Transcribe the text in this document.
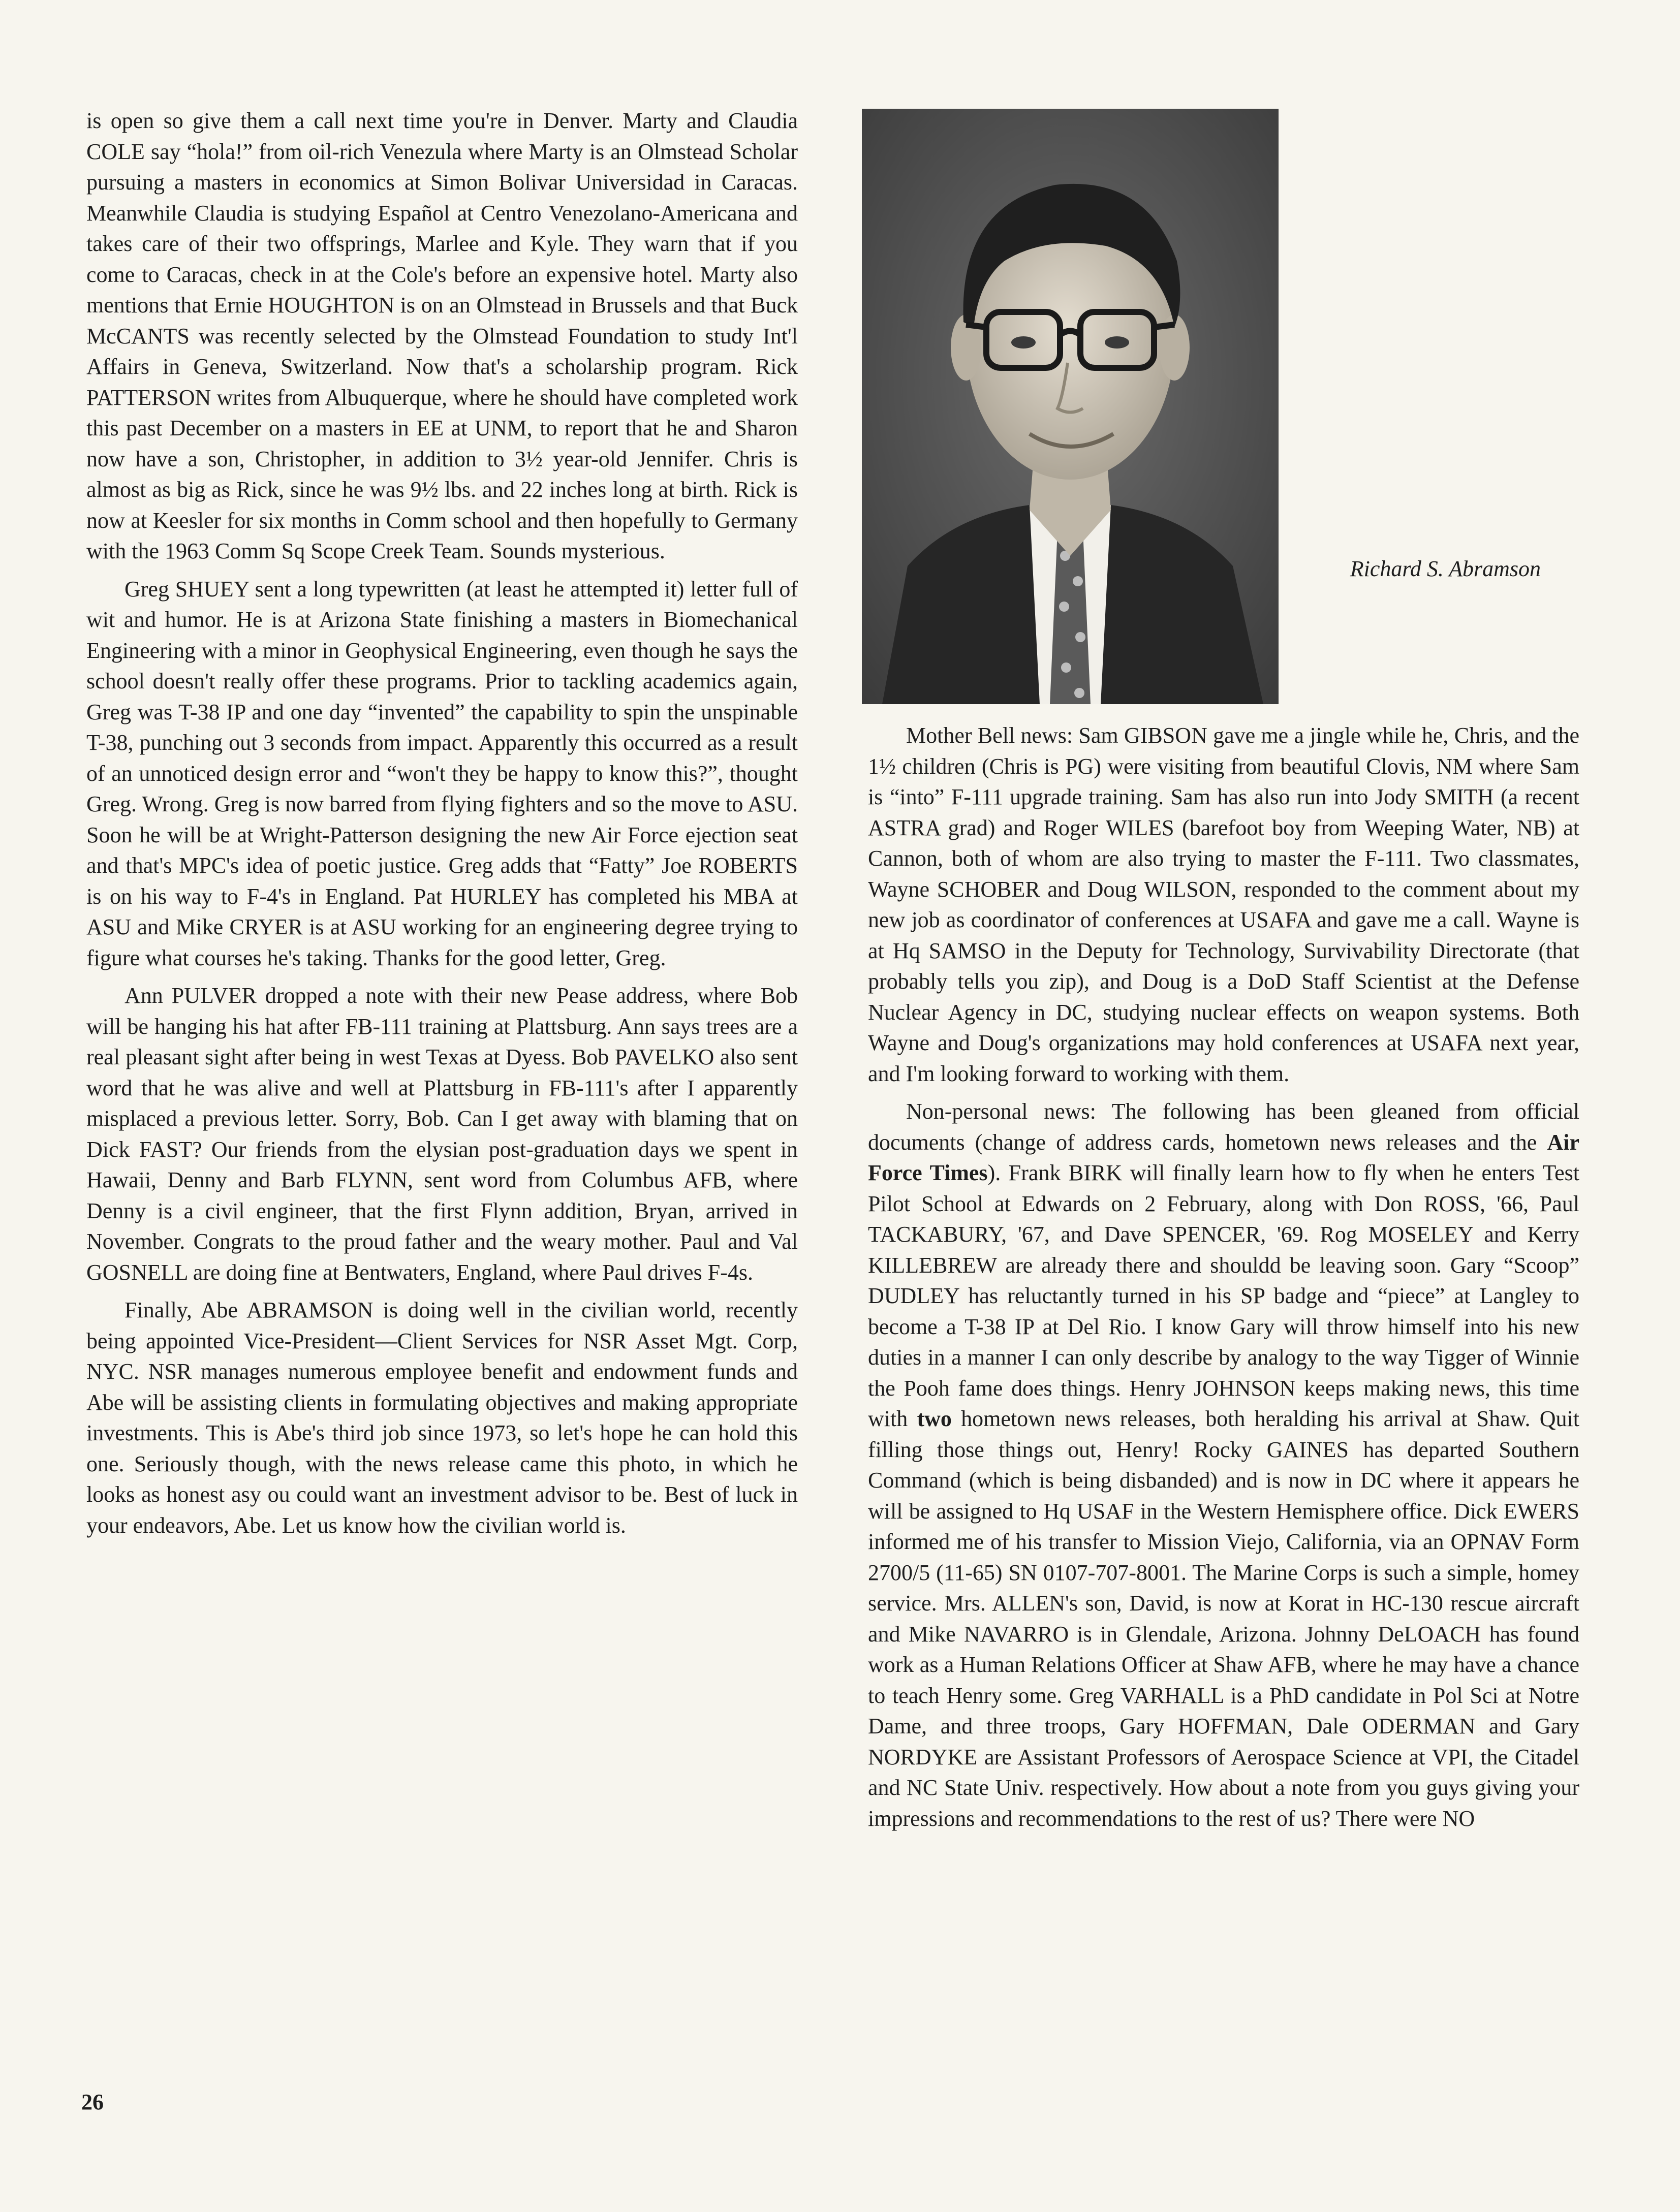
is open so give them a call next time you're in Denver. Marty and Claudia COLE say “hola!” from oil-rich Venezula where Marty is an Olmstead Scholar pursuing a masters in economics at Simon Bolivar Universidad in Caracas. Meanwhile Claudia is studying Español at Centro Venezolano-Americana and takes care of their two offsprings, Marlee and Kyle. They warn that if you come to Caracas, check in at the Cole's before an expensive hotel. Marty also mentions that Ernie HOUGHTON is on an Olmstead in Brussels and that Buck McCANTS was recently selected by the Olmstead Foundation to study Int'l Affairs in Geneva, Switzerland. Now that's a scholarship program. Rick PATTERSON writes from Albuquerque, where he should have completed work this past December on a masters in EE at UNM, to report that he and Sharon now have a son, Christopher, in addition to 3½ year-old Jennifer. Chris is almost as big as Rick, since he was 9½ lbs. and 22 inches long at birth. Rick is now at Keesler for six months in Comm school and then hopefully to Germany with the 1963 Comm Sq Scope Creek Team. Sounds mysterious.

Greg SHUEY sent a long typewritten (at least he attempted it) letter full of wit and humor. He is at Arizona State finishing a masters in Biomechanical Engineering with a minor in Geophysical Engineering, even though he says the school doesn't really offer these programs. Prior to tackling academics again, Greg was T-38 IP and one day “invented” the capability to spin the unspinable T-38, punching out 3 seconds from impact. Apparently this occurred as a result of an unnoticed design error and “won't they be happy to know this?”, thought Greg. Wrong. Greg is now barred from flying fighters and so the move to ASU. Soon he will be at Wright-Patterson designing the new Air Force ejection seat and that's MPC's idea of poetic justice. Greg adds that “Fatty” Joe ROBERTS is on his way to F-4's in England. Pat HURLEY has completed his MBA at ASU and Mike CRYER is at ASU working for an engineering degree trying to figure what courses he's taking. Thanks for the good letter, Greg.

Ann PULVER dropped a note with their new Pease address, where Bob will be hanging his hat after FB-111 training at Plattsburg. Ann says trees are a real pleasant sight after being in west Texas at Dyess. Bob PAVELKO also sent word that he was alive and well at Plattsburg in FB-111's after I apparently misplaced a previous letter. Sorry, Bob. Can I get away with blaming that on Dick FAST? Our friends from the elysian post-graduation days we spent in Hawaii, Denny and Barb FLYNN, sent word from Columbus AFB, where Denny is a civil engineer, that the first Flynn addition, Bryan, arrived in November. Congrats to the proud father and the weary mother. Paul and Val GOSNELL are doing fine at Bentwaters, England, where Paul drives F-4s.

Finally, Abe ABRAMSON is doing well in the civilian world, recently being appointed Vice-President—Client Services for NSR Asset Mgt. Corp, NYC. NSR manages numerous employee benefit and endowment funds and Abe will be assisting clients in formulating objectives and making appropriate investments. This is Abe's third job since 1973, so let's hope he can hold this one. Seriously though, with the news release came this photo, in which he looks as honest asy ou could want an investment advisor to be. Best of luck in your endeavors, Abe. Let us know how the civilian world is.

Richard S. Abramson

Mother Bell news: Sam GIBSON gave me a jingle while he, Chris, and the 1½ children (Chris is PG) were visiting from beautiful Clovis, NM where Sam is “into” F-111 upgrade training. Sam has also run into Jody SMITH (a recent ASTRA grad) and Roger WILES (barefoot boy from Weeping Water, NB) at Cannon, both of whom are also trying to master the F-111. Two classmates, Wayne SCHOBER and Doug WILSON, responded to the comment about my new job as coordinator of conferences at USAFA and gave me a call. Wayne is at Hq SAMSO in the Deputy for Technology, Survivability Directorate (that probably tells you zip), and Doug is a DoD Staff Scientist at the Defense Nuclear Agency in DC, studying nuclear effects on weapon systems. Both Wayne and Doug's organizations may hold conferences at USAFA next year, and I'm looking forward to working with them.

Non-personal news: The following has been gleaned from official documents (change of address cards, hometown news releases and the Air Force Times). Frank BIRK will finally learn how to fly when he enters Test Pilot School at Edwards on 2 February, along with Don ROSS, '66, Paul TACKABURY, '67, and Dave SPENCER, '69. Rog MOSELEY and Kerry KILLEBREW are already there and shouldd be leaving soon. Gary “Scoop” DUDLEY has reluctantly turned in his SP badge and “piece” at Langley to become a T-38 IP at Del Rio. I know Gary will throw himself into his new duties in a manner I can only describe by analogy to the way Tigger of Winnie the Pooh fame does things. Henry JOHNSON keeps making news, this time with two hometown news releases, both heralding his arrival at Shaw. Quit filling those things out, Henry! Rocky GAINES has departed Southern Command (which is being disbanded) and is now in DC where it appears he will be assigned to Hq USAF in the Western Hemisphere office. Dick EWERS informed me of his transfer to Mission Viejo, California, via an OPNAV Form 2700/5 (11-65) SN 0107-707-8001. The Marine Corps is such a simple, homey service. Mrs. ALLEN's son, David, is now at Korat in HC-130 rescue aircraft and Mike NAVARRO is in Glendale, Arizona. Johnny DeLOACH has found work as a Human Relations Officer at Shaw AFB, where he may have a chance to teach Henry some. Greg VARHALL is a PhD candidate in Pol Sci at Notre Dame, and three troops, Gary HOFFMAN, Dale ODERMAN and Gary NORDYKE are Assistant Professors of Aerospace Science at VPI, the Citadel and NC State Univ. respectively. How about a note from you guys giving your impressions and recommendations to the rest of us? There were NO

26
